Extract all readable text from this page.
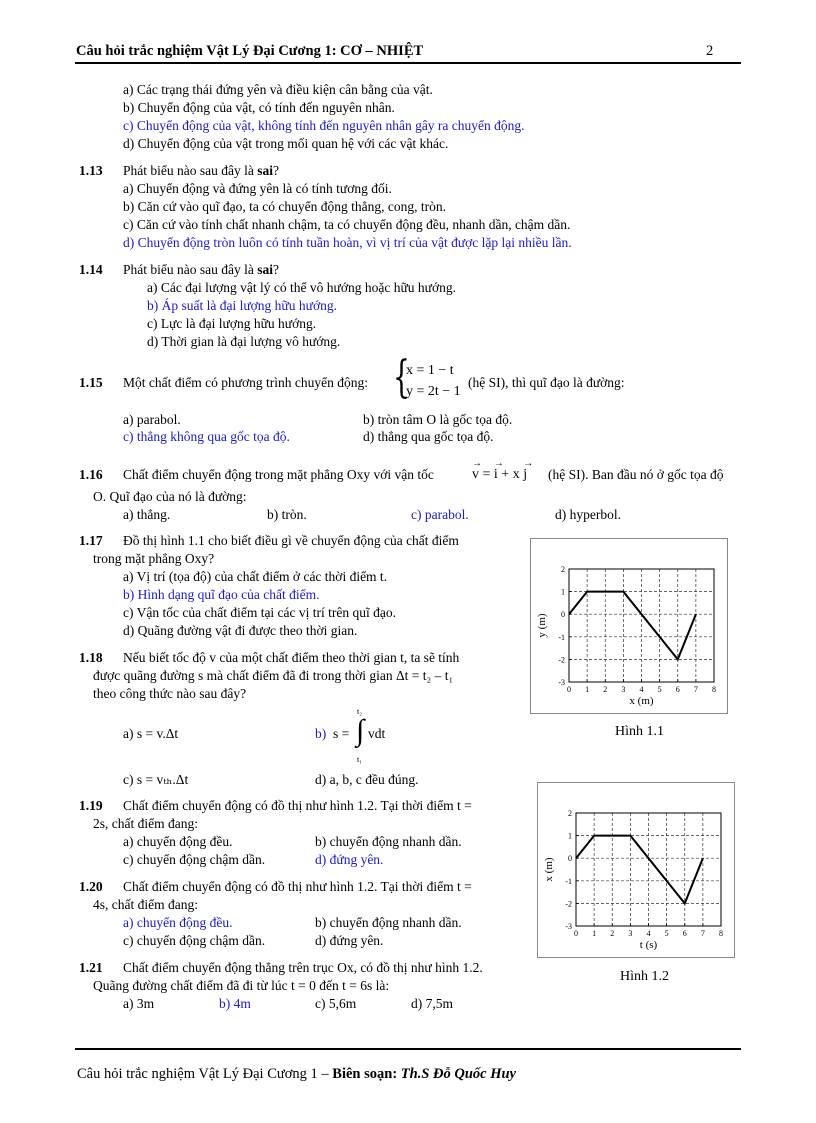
Câu hỏi trắc nghiệm Vật Lý Đại Cương 1: CƠ – NHIỆT	2
a) Các trạng thái đứng yên và điều kiện cân bằng của vật.
b) Chuyển động của vật, có tính đến nguyên nhân.
c) Chuyển động của vật, không tính đến nguyên nhân gây ra chuyển động.
d) Chuyển động của vật trong mối quan hệ với các vật khác.
1.13 Phát biểu nào sau đây là sai?
a) Chuyển động và đứng yên là có tính tương đối.
b) Căn cứ vào quĩ đạo, ta có chuyển động thẳng, cong, tròn.
c) Căn cứ vào tính chất nhanh chậm, ta có chuyển động đều, nhanh dần, chậm dần.
d) Chuyển động tròn luôn có tính tuần hoàn, vì vị trí của vật được lặp lại nhiều lần.
1.14 Phát biểu nào sau đây là sai?
a) Các đại lượng vật lý có thể vô hướng hoặc hữu hướng.
b) Áp suất là đại lượng hữu hướng.
c) Lực là đại lượng hữu hướng.
d) Thời gian là đại lượng vô hướng.
1.15 Một chất điểm có phương trình chuyển động: {
x = 1 − t
y = 2t − 1
(hệ SI), thì quĩ đạo là đường:
a) parabol.	b) tròn tâm O là gốc tọa độ.
c) thẳng không qua gốc tọa độ.	d) thẳng qua gốc tọa độ.
1.16 Chất điểm chuyển động trong mặt phẳng Oxy với vận tốc	→ v = → i + x → j (hệ SI). Ban đầu nó ở gốc tọa độ
O. Quĩ đạo của nó là đường:
a) thẳng.	b) tròn.	c) parabol.	d) hyperbol.
1.17 Đồ thị hình 1.1 cho biết điều gì về chuyển động của chất điểm
trong mặt phẳng Oxy?
a) Vị trí (tọa độ) của chất điểm ở các thời điểm t.
b) Hình dạng quĩ đạo của chất điểm.
c) Vận tốc của chất điểm tại các vị trí trên quĩ đạo.
d) Quãng đường vật đi được theo thời gian.
1.18 Nếu biết tốc độ v của một chất điểm theo thời gian t, ta sẽ tính
được quãng đường s mà chất điểm đã đi trong thời gian Δt = t₂ – t₁
theo công thức nào sau đây?
a) s = v.Δt	b) s = ∫
t₂
t₁
vdt
c) s = vₜₕ.Δt	d) a, b, c đều đúng.
0 1 2 3 4 5 6 7 8
2
1
0
-1
-2
-3
x (m)
y (m)
Hình 1.1
0 1 2 3 4 5 6 7 8
2
1
0
-1
-2
-3
t (s)
x (m)
Hình 1.2
1.19 Chất điểm chuyển động có đồ thị như hình 1.2. Tại thời điểm t =
2s, chất điểm đang:
a) chuyển động đều.	b) chuyển động nhanh dần.
c) chuyển động chậm dần.	d) đứng yên.
1.20 Chất điểm chuyển động có đồ thị như hình 1.2. Tại thời điểm t =
4s, chất điểm đang:
a) chuyển động đều.	b) chuyển động nhanh dần.
c) chuyển động chậm dần.	d) đứng yên.
1.21 Chất điểm chuyển động thẳng trên trục Ox, có đồ thị như hình 1.2.
Quãng đường chất điểm đã đi từ lúc t = 0 đến t = 6s là:
a) 3m	b) 4m	c) 5,6m	d) 7,5m
Câu hỏi trắc nghiệm Vật Lý Đại Cương 1 – Biên soạn: Th.S Đỗ Quốc Huy
